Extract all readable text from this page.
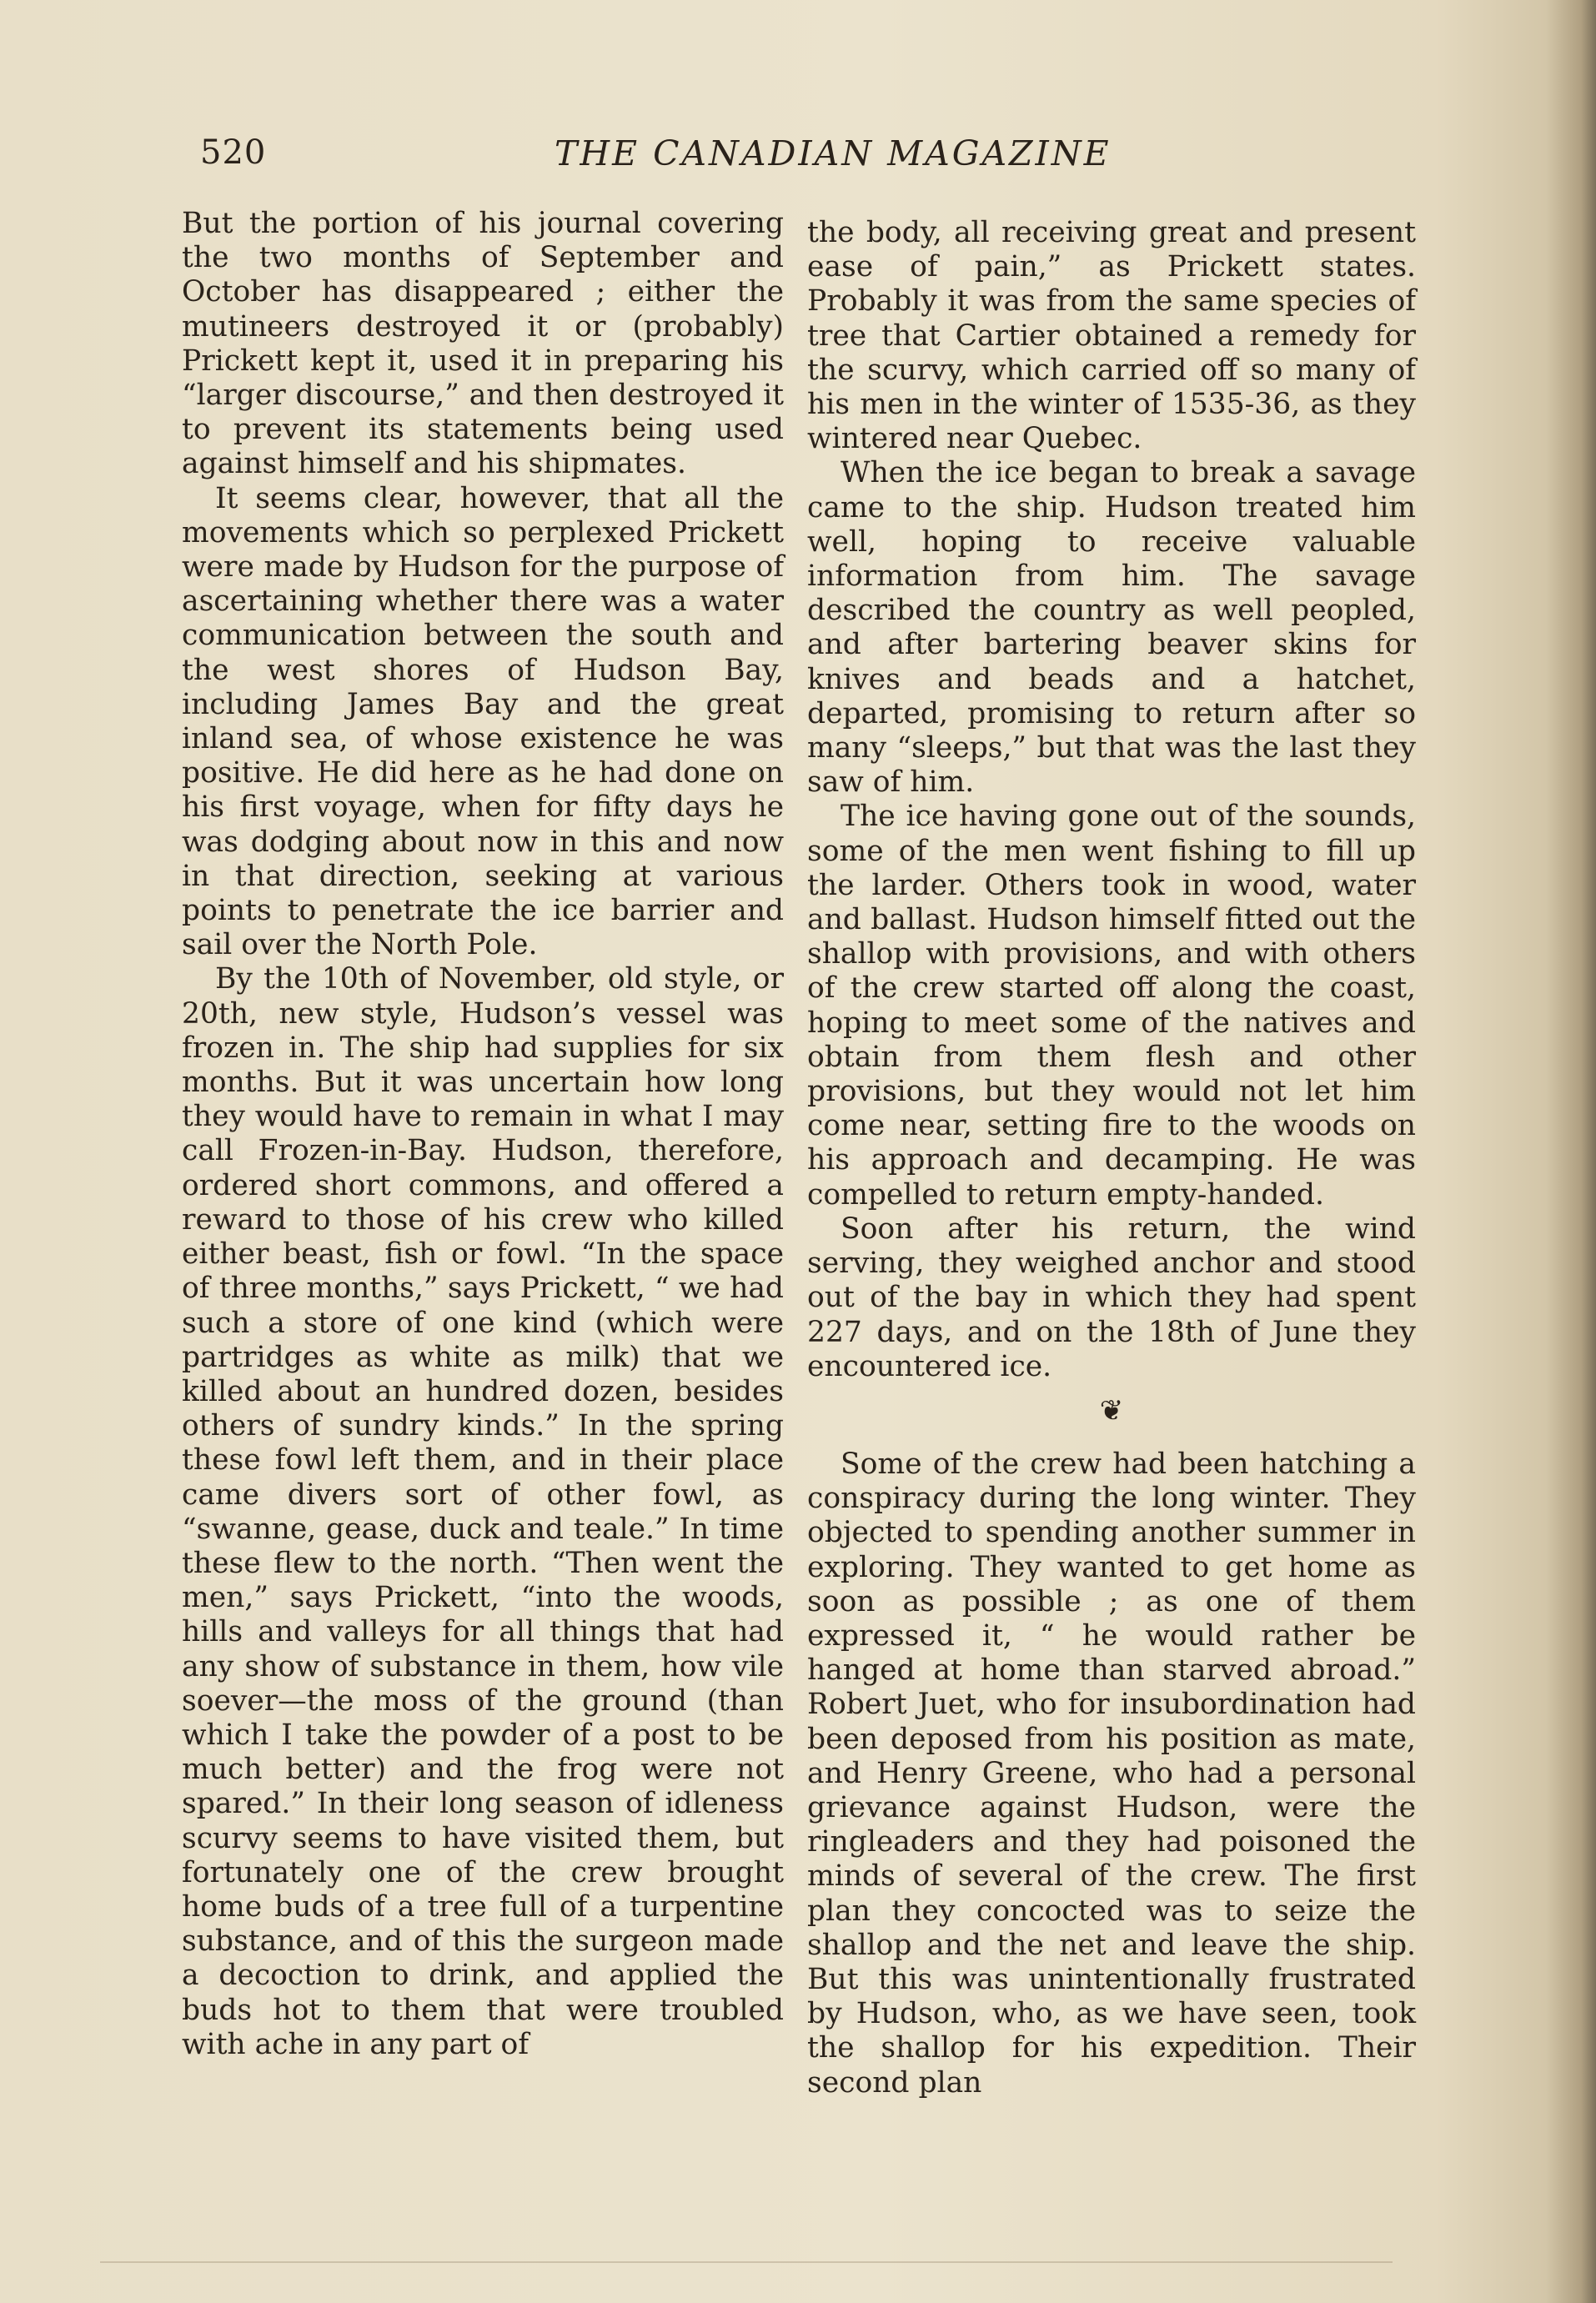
520	THE CANADIAN MAGAZINE

But the portion of his journal covering the two months of September and October has disappeared ; either the mutineers destroyed it or (probably) Prickett kept it, used it in preparing his “larger discourse,” and then destroyed it to prevent its statements being used against himself and his shipmates.

It seems clear, however, that all the movements which so perplexed Prickett were made by Hudson for the purpose of ascertaining whether there was a water communication between the south and the west shores of Hudson Bay, including James Bay and the great inland sea, of whose existence he was positive. He did here as he had done on his first voyage, when for fifty days he was dodging about now in this and now in that direction, seeking at various points to penetrate the ice barrier and sail over the North Pole.

By the 10th of November, old style, or 20th, new style, Hudson’s vessel was frozen in. The ship had supplies for six months. But it was uncertain how long they would have to remain in what I may call Frozen-in-Bay. Hudson, therefore, ordered short commons, and offered a reward to those of his crew who killed either beast, fish or fowl. “In the space of three months,” says Prickett, “ we had such a store of one kind (which were partridges as white as milk) that we killed about an hundred dozen, besides others of sundry kinds.” In the spring these fowl left them, and in their place came divers sort of other fowl, as “swanne, gease, duck and teale.” In time these flew to the north. “Then went the men,” says Prickett, “into the woods, hills and valleys for all things that had any show of substance in them, how vile soever—the moss of the ground (than which I take the powder of a post to be much better) and the frog were not spared.” In their long season of idleness scurvy seems to have visited them, but fortunately one of the crew brought home buds of a tree full of a turpentine substance, and of this the surgeon made a decoction to drink, and applied the buds hot to them that were troubled with ache in any part of

the body, all receiving great and present ease of pain,” as Prickett states. Probably it was from the same species of tree that Cartier obtained a remedy for the scurvy, which carried off so many of his men in the winter of 1535-36, as they wintered near Quebec.

When the ice began to break a savage came to the ship. Hudson treated him well, hoping to receive valuable information from him. The savage described the country as well peopled, and after bartering beaver skins for knives and beads and a hatchet, departed, promising to return after so many “sleeps,” but that was the last they saw of him.

The ice having gone out of the sounds, some of the men went fishing to fill up the larder. Others took in wood, water and ballast. Hudson himself fitted out the shallop with provisions, and with others of the crew started off along the coast, hoping to meet some of the natives and obtain from them flesh and other provisions, but they would not let him come near, setting fire to the woods on his approach and decamping. He was compelled to return empty-handed.

Soon after his return, the wind serving, they weighed anchor and stood out of the bay in which they had spent 227 days, and on the 18th of June they encountered ice.

❦

Some of the crew had been hatching a conspiracy during the long winter. They objected to spending another summer in exploring. They wanted to get home as soon as possible ; as one of them expressed it, “ he would rather be hanged at home than starved abroad.” Robert Juet, who for insubordination had been deposed from his position as mate, and Henry Greene, who had a personal grievance against Hudson, were the ringleaders and they had poisoned the minds of several of the crew. The first plan they concocted was to seize the shallop and the net and leave the ship. But this was unintentionally frustrated by Hudson, who, as we have seen, took the shallop for his expedition. Their second plan
